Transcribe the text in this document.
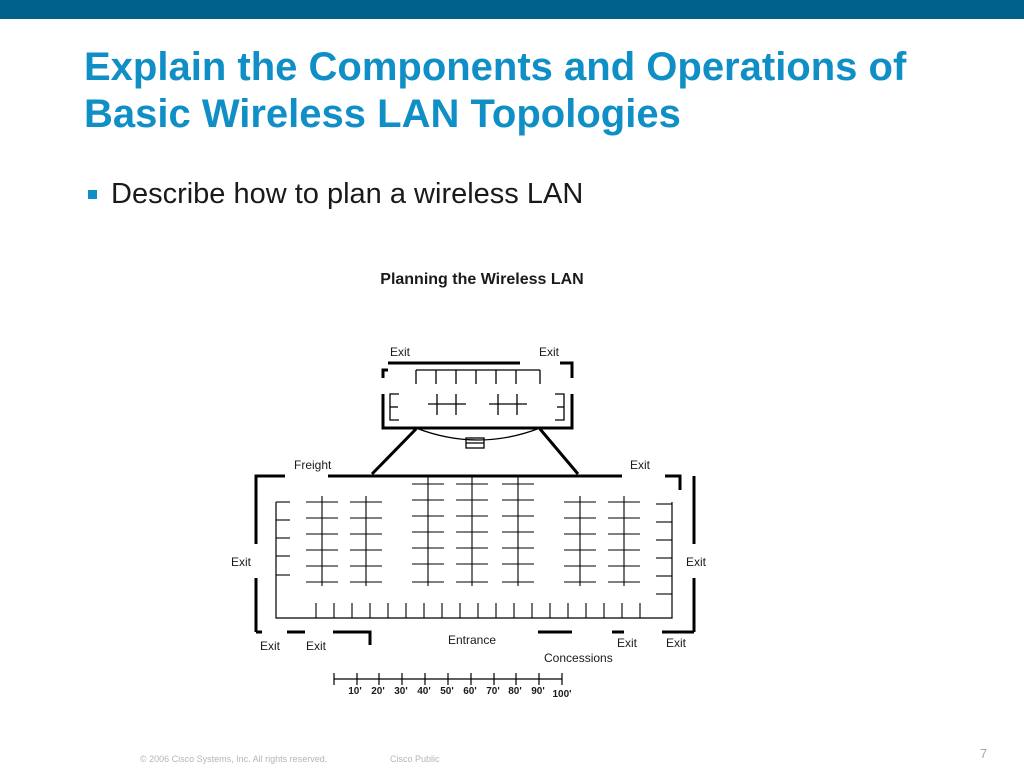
Explain the Components and Operations of Basic Wireless LAN Topologies
Describe how to plan a wireless LAN
Planning the Wireless LAN
Exit	Exit
Freight	Exit
Exit	Exit
Exit Exit	Entrance	Exit Exit
Concessions
10' 20' 30' 40' 50' 60' 70' 80' 90' 100'
© 2006 Cisco Systems, Inc. All rights reserved.	Cisco Public	7
